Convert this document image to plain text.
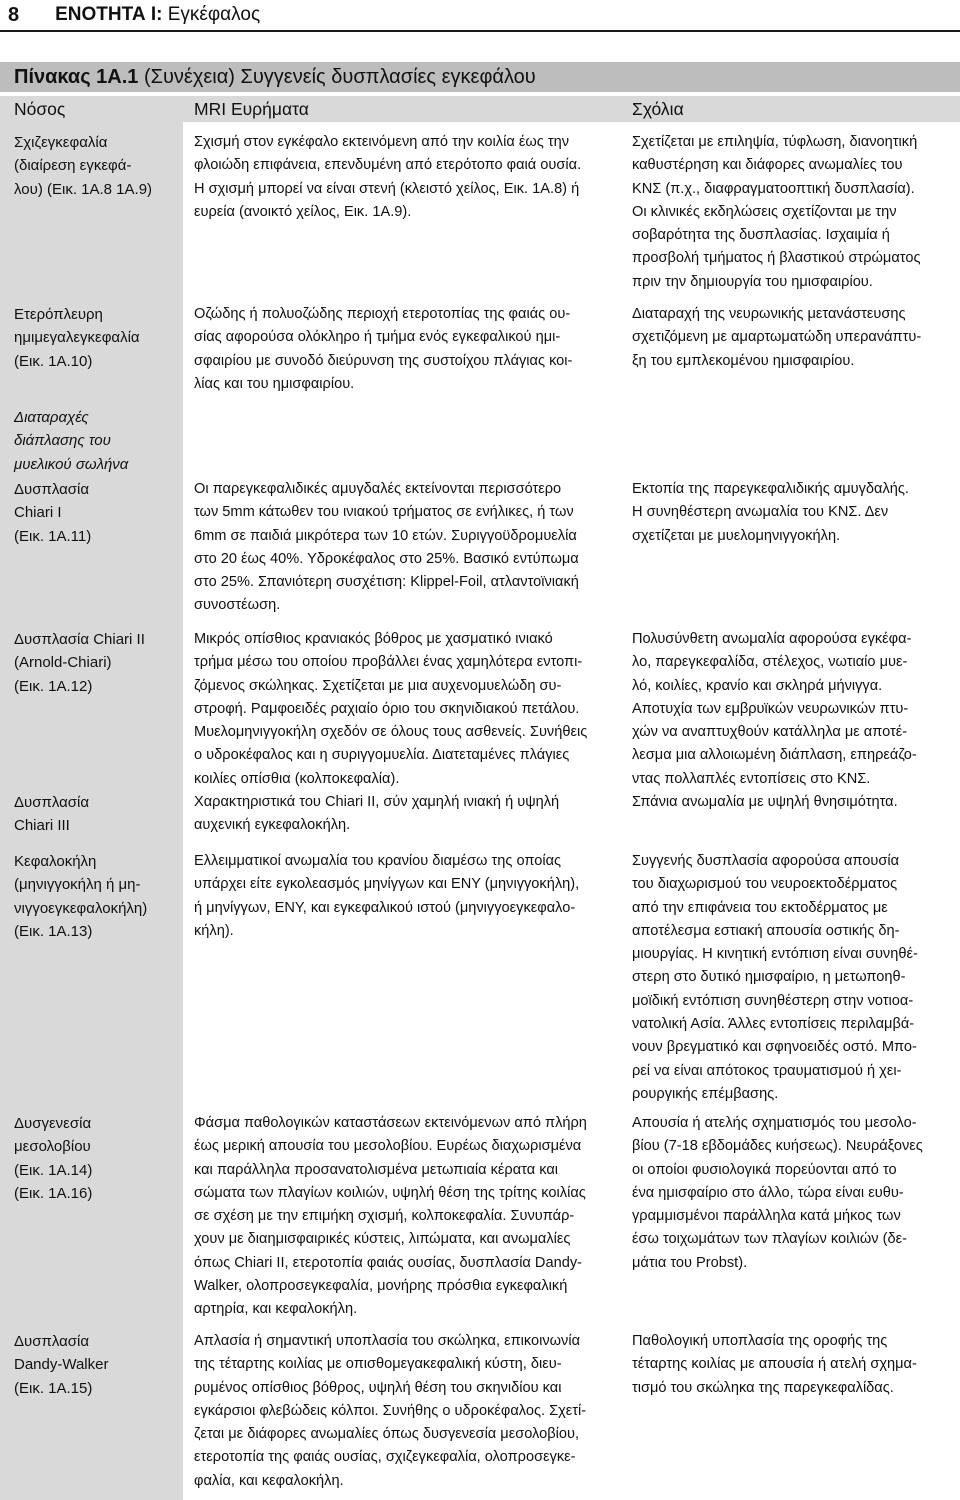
8 ΕΝΟΤΗΤΑ Ι: Εγκέφαλος
Πίνακας 1Α.1 (Συνέχεια) Συγγενείς δυσπλασίες εγκεφάλου
Νόσος	MRI Ευρήματα	Σχόλια
Σχιζεγκεφαλία
(διαίρεση εγκεφά-
λου) (Εικ. 1Α.8 1Α.9)
Σχισμή στον εγκέφαλο εκτεινόμενη από την κοιλία έως την
φλοιώδη επιφάνεια, επενδυμένη από ετερότοπο φαιά ουσία.
Η σχισμή μπορεί να είναι στενή (κλειστό χείλος, Εικ. 1Α.8) ή
ευρεία (ανοικτό χείλος, Εικ. 1Α.9).
Σχετίζεται με επιληψία, τύφλωση, διανοητική
καθυστέρηση και διάφορες ανωμαλίες του
ΚΝΣ (π.χ., διαφραγματοοπτική δυσπλασία).
Οι κλινικές εκδηλώσεις σχετίζονται με την
σοβαρότητα της δυσπλασίας. Ισχαιμία ή
προσβολή τμήματος ή βλαστικού στρώματος
πριν την δημιουργία του ημισφαιρίου.
Ετερόπλευρη
ημιμεγαλεγκεφαλία
(Εικ. 1Α.10)
Οζώδης ή πολυοζώδης περιοχή ετεροτοπίας της φαιάς ου-
σίας αφορούσα ολόκληρο ή τμήμα ενός εγκεφαλικού ημι-
σφαιρίου με συνοδό διεύρυνση της συστοίχου πλάγιας κοι-
λίας και του ημισφαιρίου.
Διαταραχή της νευρωνικής μετανάστευσης
σχετιζόμενη με αμαρτωματώδη υπερανάπτυ-
ξη του εμπλεκομένου ημισφαιρίου.
Διαταραχές
διάπλασης του
μυελικού σωλήνα
Δυσπλασία
Chiari I
(Εικ. 1Α.11)
Οι παρεγκεφαλιδικές αμυγδαλές εκτείνονται περισσότερο
των 5mm κάτωθεν του ινιακού τρήματος σε ενήλικες, ή των
6mm σε παιδιά μικρότερα των 10 ετών. Συριγγοϋδρομυελία
στο 20 έως 40%. Υδροκέφαλος στο 25%. Βασικό εντύπωμα
στο 25%. Σπανιότερη συσχέτιση: Klippel-Foil, ατλαντοϊνιακή
συνοστέωση.
Εκτοπία της παρεγκεφαλιδικής αμυγδαλής.
Η συνηθέστερη ανωμαλία του ΚΝΣ. Δεν
σχετίζεται με μυελομηνιγγοκήλη.
Δυσπλασία Chiari II
(Arnold-Chiari)
(Εικ. 1Α.12)
Μικρός οπίσθιος κρανιακός βόθρος με χασματικό ινιακό
τρήμα μέσω του οποίου προβάλλει ένας χαμηλότερα εντοπι-
ζόμενος σκώληκας. Σχετίζεται με μια αυχενομυελώδη συ-
στροφή. Ραμφοειδές ραχιαίο όριο του σκηνιδιακού πετάλου.
Μυελομηνιγγοκήλη σχεδόν σε όλους τους ασθενείς. Συνήθεις
ο υδροκέφαλος και η συριγγομυελία. Διατεταμένες πλάγιες
κοιλίες οπίσθια (κολποκεφαλία).
Πολυσύνθετη ανωμαλία αφορούσα εγκέφα-
λο, παρεγκεφαλίδα, στέλεχος, νωτιαίο μυε-
λό, κοιλίες, κρανίο και σκληρά μήνιγγα.
Αποτυχία των εμβρυϊκών νευρωνικών πτυ-
χών να αναπτυχθούν κατάλληλα με αποτέ-
λεσμα μια αλλοιωμένη διάπλαση, επηρεάζο-
ντας πολλαπλές εντοπίσεις στο ΚΝΣ.
Δυσπλασία
Chiari III
Χαρακτηριστικά του Chiari II, σύν χαμηλή ινιακή ή υψηλή
αυχενική εγκεφαλοκήλη.
Σπάνια ανωμαλία με υψηλή θνησιμότητα.
Κεφαλοκήλη
(μηνιγγοκήλη ή μη-
νιγγοεγκεφαλοκήλη)
(Εικ. 1Α.13)
Ελλειμματικοί ανωμαλία του κρανίου διαμέσω της οποίας
υπάρχει είτε εγκολεασμός μηνίγγων και ΕΝΥ (μηνιγγοκήλη),
ή μηνίγγων, ΕΝΥ, και εγκεφαλικού ιστού (μηνιγγοεγκεφαλο-
κήλη).
Συγγενής δυσπλασία αφορούσα απουσία
του διαχωρισμού του νευροεκτοδέρματος
από την επιφάνεια του εκτοδέρματος με
αποτέλεσμα εστιακή απουσία οστικής δη-
μιουργίας. Η κινητική εντόπιση είναι συνηθέ-
στερη στο δυτικό ημισφαίριο, η μετωποηθ-
μοϊδική εντόπιση συνηθέστερη στην νοτιοα-
νατολική Ασία. Άλλες εντοπίσεις περιλαμβά-
νουν βρεγματικό και σφηνοειδές οστό. Μπο-
ρεί να είναι απότοκος τραυματισμού ή χει-
ρουργικής επέμβασης.
Δυσγενεσία
μεσολοβίου
(Εικ. 1Α.14)
(Εικ. 1Α.16)
Φάσμα παθολογικών καταστάσεων εκτεινόμενων από πλήρη
έως μερική απουσία του μεσολοβίου. Ευρέως διαχωρισμένα
και παράλληλα προσανατολισμένα μετωπιαία κέρατα και
σώματα των πλαγίων κοιλιών, υψηλή θέση της τρίτης κοιλίας
σε σχέση με την επιμήκη σχισμή, κολποκεφαλία. Συνυπάρ-
χουν με διαημισφαιρικές κύστεις, λιπώματα, και ανωμαλίες
όπως Chiari II, ετεροτοπία φαιάς ουσίας, δυσπλασία Dandy-
Walker, ολοπροσεγκεφαλία, μονήρης πρόσθια εγκεφαλική
αρτηρία, και κεφαλοκήλη.
Απουσία ή ατελής σχηματισμός του μεσολο-
βίου (7-18 εβδομάδες κυήσεως). Νευράξονες
οι οποίοι φυσιολογικά πορεύονται από το
ένα ημισφαίριο στο άλλο, τώρα είναι ευθυ-
γραμμισμένοι παράλληλα κατά μήκος των
έσω τοιχωμάτων των πλαγίων κοιλιών (δε-
μάτια του Probst).
Δυσπλασία
Dandy-Walker
(Εικ. 1Α.15)
Απλασία ή σημαντική υποπλασία του σκώληκα, επικοινωνία
της τέταρτης κοιλίας με οπισθομεγακεφαλική κύστη, διευ-
ρυμένος οπίσθιος βόθρος, υψηλή θέση του σκηνιδίου και
εγκάρσιοι φλεβώδεις κόλποι. Συνήθης ο υδροκέφαλος. Σχετί-
ζεται με διάφορες ανωμαλίες όπως δυσγενεσία μεσολοβίου,
ετεροτοπία της φαιάς ουσίας, σχιζεγκεφαλία, ολοπροσεγκε-
φαλία, και κεφαλοκήλη.
Παθολογική υποπλασία της οροφής της
τέταρτης κοιλίας με απουσία ή ατελή σχημα-
τισμό του σκώληκα της παρεγκεφαλίδας.
